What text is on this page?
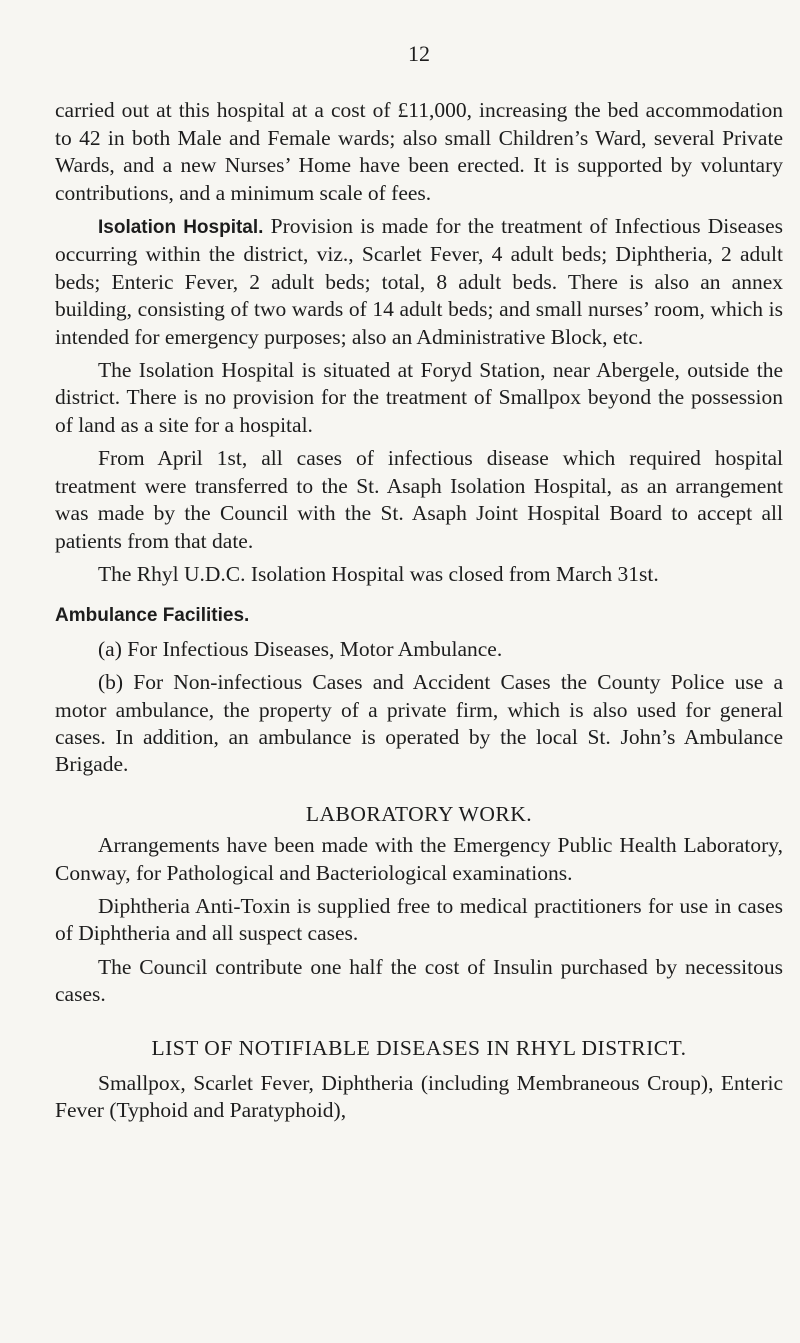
12

carried out at this hospital at a cost of £11,000, increasing the bed accommodation to 42 in both Male and Female wards; also small Children’s Ward, several Private Wards, and a new Nurses’ Home have been erected. It is supported by voluntary contributions, and a minimum scale of fees.

Isolation Hospital. Provision is made for the treatment of Infectious Diseases occurring within the district, viz., Scarlet Fever, 4 adult beds; Diphtheria, 2 adult beds; Enteric Fever, 2 adult beds; total, 8 adult beds. There is also an annex building, consisting of two wards of 14 adult beds; and small nurses’ room, which is intended for emergency purposes; also an Administrative Block, etc.

The Isolation Hospital is situated at Foryd Station, near Abergele, outside the district. There is no provision for the treatment of Smallpox beyond the possession of land as a site for a hospital.

From April 1st, all cases of infectious disease which required hospital treatment were transferred to the St. Asaph Isolation Hospital, as an arrangement was made by the Council with the St. Asaph Joint Hospital Board to accept all patients from that date.

The Rhyl U.D.C. Isolation Hospital was closed from March 31st.

Ambulance Facilities.

(a) For Infectious Diseases, Motor Ambulance.

(b) For Non-infectious Cases and Accident Cases the County Police use a motor ambulance, the property of a private firm, which is also used for general cases. In addition, an ambulance is operated by the local St. John’s Ambulance Brigade.

LABORATORY WORK.

Arrangements have been made with the Emergency Public Health Laboratory, Conway, for Pathological and Bacteriological examinations.

Diphtheria Anti-Toxin is supplied free to medical practitioners for use in cases of Diphtheria and all suspect cases.

The Council contribute one half the cost of Insulin purchased by necessitous cases.

LIST OF NOTIFIABLE DISEASES IN RHYL DISTRICT.

Smallpox, Scarlet Fever, Diphtheria (including Membraneous Croup), Enteric Fever (Typhoid and Paratyphoid),
